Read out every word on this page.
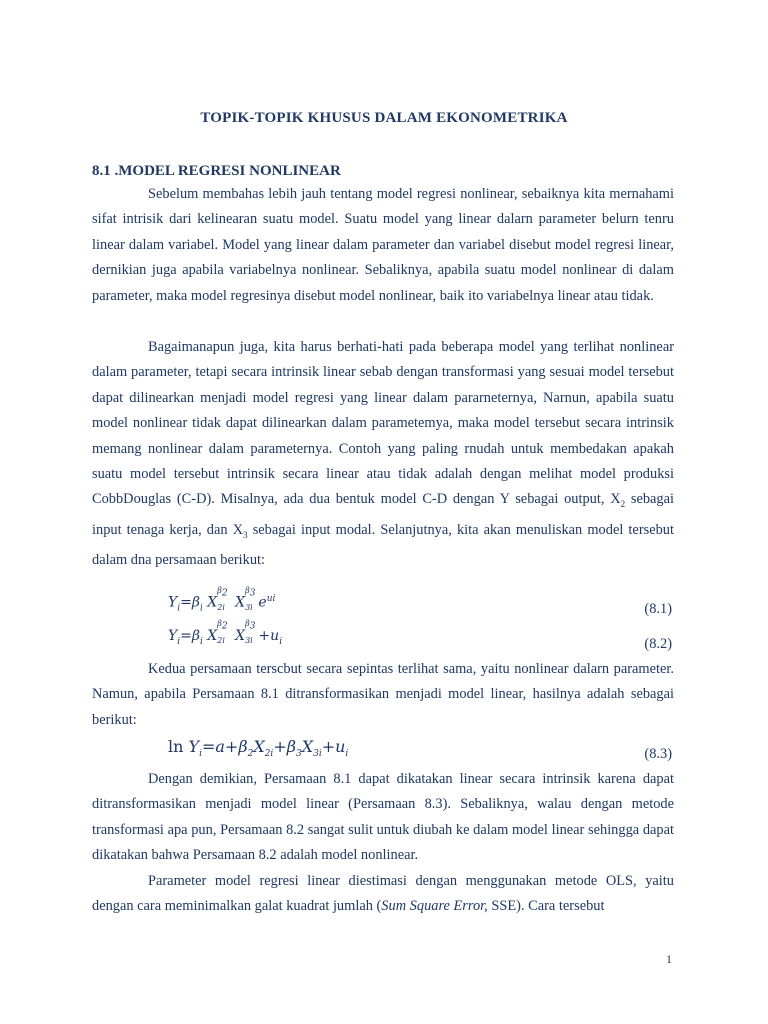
TOPIK-TOPIK KHUSUS DALAM EKONOMETRIKA
8.1 .MODEL REGRESI NONLINEAR

Sebelum membahas lebih jauh tentang model regresi nonlinear, sebaiknya kita mernahami sifat intrisik dari kelinearan suatu model. Suatu model yang linear dalarn parameter belurn tenru linear dalam variabel. Model yang linear dalam parameter dan variabel disebut model regresi linear, dernikian juga apabila variabelnya nonlinear. Sebaliknya, apabila suatu model nonlinear di dalam parameter, maka model regresinya disebut model nonlinear, baik ito variabelnya linear atau tidak.

Bagaimanapun juga, kita harus berhati-hati pada beberapa model yang terlihat nonlinear dalam parameter, tetapi secara intrinsik linear sebab dengan transformasi yang sesuai model tersebut dapat dilinearkan menjadi model regresi yang linear dalam pararneternya, Narnun, apabila suatu model nonlinear tidak dapat dilinearkan dalam parametemya, maka model tersebut secara intrinsik memang nonlinear dalam parameternya. Contoh yang paling rnudah untuk membedakan apakah suatu model tersebut intrinsik secara linear atau tidak adalah dengan melihat model produksi CobbDouglas (C-D). Misalnya, ada dua bentuk model C-D dengan Y sebagai output, $X_2$ sebagai input tenaga kerja, dan $X_3$ sebagai input modal. Selanjutnya, kita akan menuliskan model tersebut dalam dna persamaan berikut:

$Y_i=\beta_i$ X
$\beta_2$
2i X
$\beta_3$
3i $e^{ui}$
(8.1)
$Y_i=\beta_i$ X
$\beta_2$
2i X
$\beta_3$
$3i +u_i$	(8.2)

Kedua persamaan terscbut secara sepintas terlihat sama, yaitu nonlinear dalarn parameter. Namun, apabila Persamaan 8.1 ditransformasikan menjadi model linear, hasilnya adalah sebagai berikut:

$\ln Y_i=a+\beta_2X_{2i}+\beta_3X_{3i}+u_i$	(8.3)

Dengan demikian, Persamaan 8.1 dapat dikatakan linear secara intrinsik karena dapat ditransformasikan menjadi model linear (Persamaan 8.3). Sebaliknya, walau dengan metode transformasi apa pun, Persamaan 8.2 sangat sulit untuk diubah ke dalam model linear sehingga dapat dikatakan bahwa Persamaan 8.2 adalah model nonlinear.

Parameter model regresi linear diestimasi dengan menggunakan metode OLS, yaitu dengan cara meminimalkan galat kuadrat jumlah (Sum Square Error, SSE). Cara tersebut

1
